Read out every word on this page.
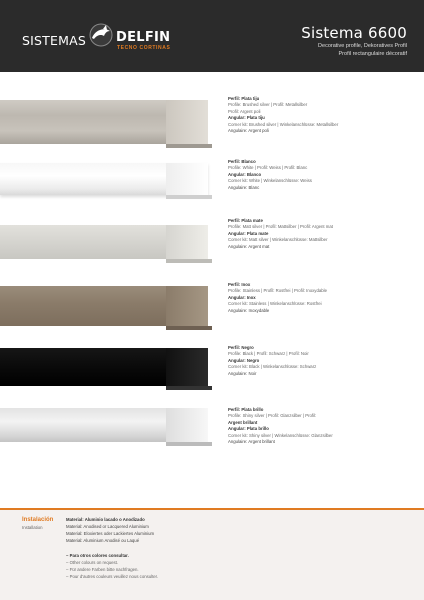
SISTEMAS DELFIN
TECNO CORTINAS
Sistema 6600
Decorative profile, Dekoratives Profil
Profil rectangulaire décoratif
Perfil: Plata tiju
Profile: Brushed silver | Profil: Metallsilber
Profil: Argent poli
Angular: Plata tiju
Corner kit: Brushed silver | Winkelanschlüsse: Metallsilber
Angulaire: Argent poli
Perfil: Blanco
Profile: White | Profil: Weiss | Profil: Blanc
Angular: Blanco
Corner kit: White | Winkelanschlüsse: Weiss
Angulaire: Blanc
Perfil: Plata mate
Profile: Matt silver | Profil: Mattsilber | Profil: Argent mat
Angular: Plata mate
Corner kit: Matt silver | Winkelanschlüsse: Mattsilber
Angulaire: Argent mat
Perfil: Inox
Profile: Stainless | Profil: Rostfrei | Profil: Inoxydable
Angular: Inox
Corner kit: Stainless | Winkelanschlüsse: Rostfrei
Angulaire: Inoxydable
Perfil: Negro
Profile: Black | Profil: Schwarz | Profil: Noir
Angular: Negro
Corner kit: Black | Winkelanschlüsse: Schwarz
Angulaire: Noir
Perfil: Plata brillo
Profile: Shiny silver | Profil: Glanzsilber | Profil:
Argent brillant
Angular: Plata brillo
Corner kit: Shiny silver | Winkelanschlüsse: Glanzsilber
Angulaire: Argent brillant
Instalación
Installation
Material: Aluminio lacado o Anodizado
Material: Anodised or Lacquered Aluminium
Material: Eloxiertes oder Lackiertes Aluminium
Material: Aluminium Anodisé ou Laqué
– Para otros colores consultar.
– Other colours on request.
– Für andere Farben bitte nachfragen.
– Pour d'autres couleurs veuillez nous consulter.
